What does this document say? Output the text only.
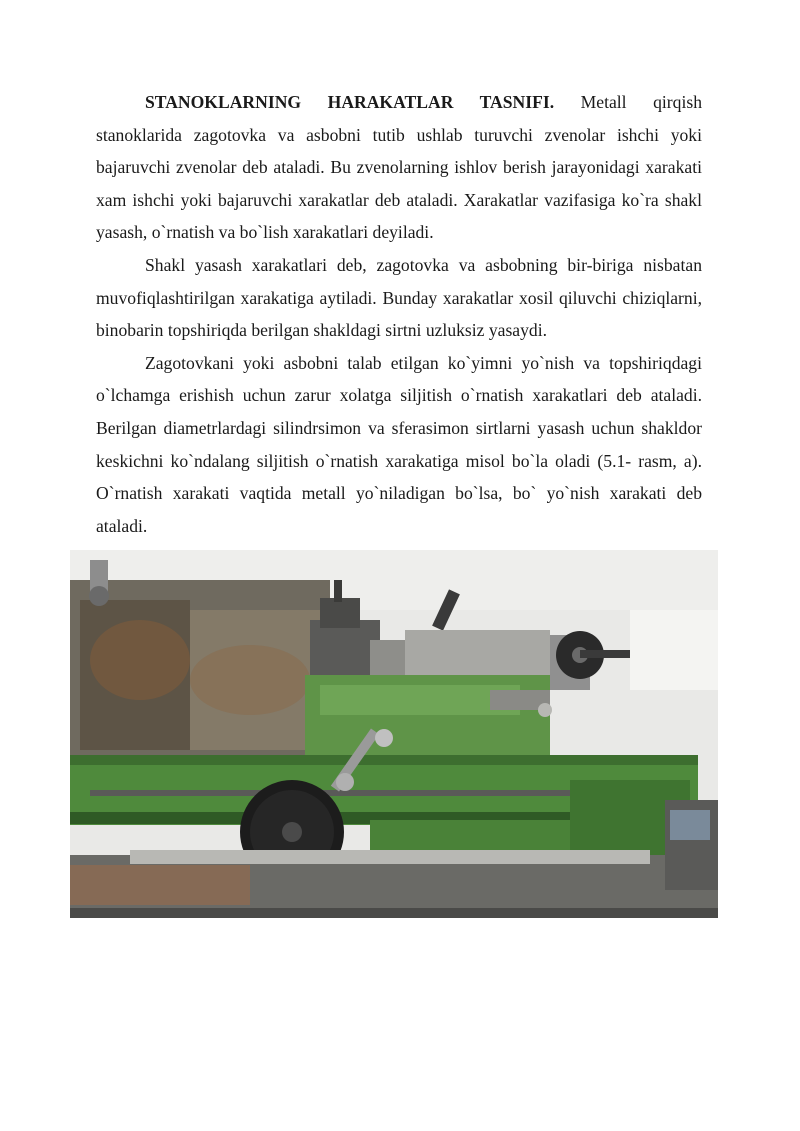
STANOKLARNING HARAKATLAR TASNIFI. Metall qirqish stanoklarida zagotovka va asbobni tutib ushlab turuvchi zvenolar ishchi yoki bajaruvchi zvenolar deb ataladi. Bu zvenolarning ishlov berish jarayonidagi xarakati xam ishchi yoki bajaruvchi xarakatlar deb ataladi. Xarakatlar vazifasiga ko`ra shakl yasash, o`rnatish va bo`lish xarakatlari deyiladi.

Shakl yasash xarakatlari deb, zagotovka va asbobning bir-biriga nisbatan muvofiqlashtirilgan xarakatiga aytiladi. Bunday xarakatlar xosil qiluvchi chiziqlarni, binobarin topshiriqda berilgan shakldagi sirtni uzluksiz yasaydi.

Zagotovkani yoki asbobni talab etilgan ko`yimni yo`nish va topshiriqdagi o`lchamga erishish uchun zarur xolatga siljitish o`rnatish xarakatlari deb ataladi. Berilgan diametrlardagi silindrsimon va sferasimon sirtlarni yasash uchun shakldor keskichni ko`ndalang siljitish o`rnatish xarakatiga misol bo`la oladi (5.1- rasm, a). O`rnatish xarakati vaqtida metall yo`niladigan bo`lsa, bo` yo`nish xarakati deb ataladi.
